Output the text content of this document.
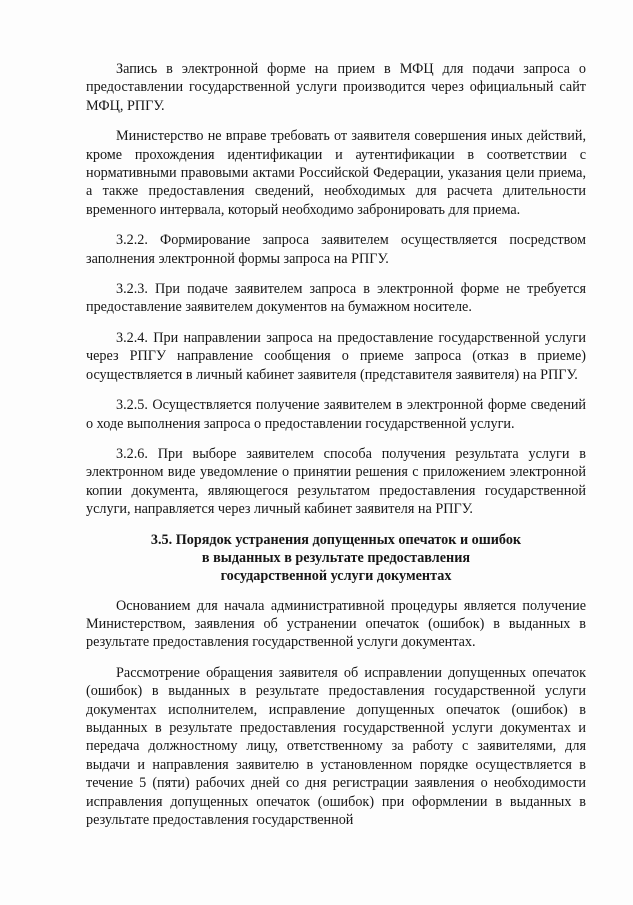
Запись в электронной форме на прием в МФЦ для подачи запроса о предоставлении государственной услуги производится через официальный сайт МФЦ, РПГУ.

Министерство не вправе требовать от заявителя совершения иных действий, кроме прохождения идентификации и аутентификации в соответствии с нормативными правовыми актами Российской Федерации, указания цели приема, а также предоставления сведений, необходимых для расчета длительности временного интервала, который необходимо забронировать для приема.

3.2.2. Формирование запроса заявителем осуществляется посредством заполнения электронной формы запроса на РПГУ.

3.2.3. При подаче заявителем запроса в электронной форме не требуется предоставление заявителем документов на бумажном носителе.

3.2.4. При направлении запроса на предоставление государственной услуги через РПГУ направление сообщения о приеме запроса (отказ в приеме) осуществляется в личный кабинет заявителя (представителя заявителя) на РПГУ.

3.2.5. Осуществляется получение заявителем в электронной форме сведений о ходе выполнения запроса о предоставлении государственной услуги.

3.2.6. При выборе заявителем способа получения результата услуги в электронном виде уведомление о принятии решения с приложением электронной копии документа, являющегося результатом предоставления государственной услуги, направляется через личный кабинет заявителя на РПГУ.

3.5. Порядок устранения допущенных опечаток и ошибок
в выданных в результате предоставления
государственной услуги документах

Основанием для начала административной процедуры является получение Министерством, заявления об устранении опечаток (ошибок) в выданных в результате предоставления государственной услуги документах.

Рассмотрение обращения заявителя об исправлении допущенных опечаток (ошибок) в выданных в результате предоставления государственной услуги документах исполнителем, исправление допущенных опечаток (ошибок) в выданных в результате предоставления государственной услуги документах и передача должностному лицу, ответственному за работу с заявителями, для выдачи и направления заявителю в установленном порядке осуществляется в течение 5 (пяти) рабочих дней со дня регистрации заявления о необходимости исправления допущенных опечаток (ошибок) при оформлении в выданных в результате предоставления государственной
